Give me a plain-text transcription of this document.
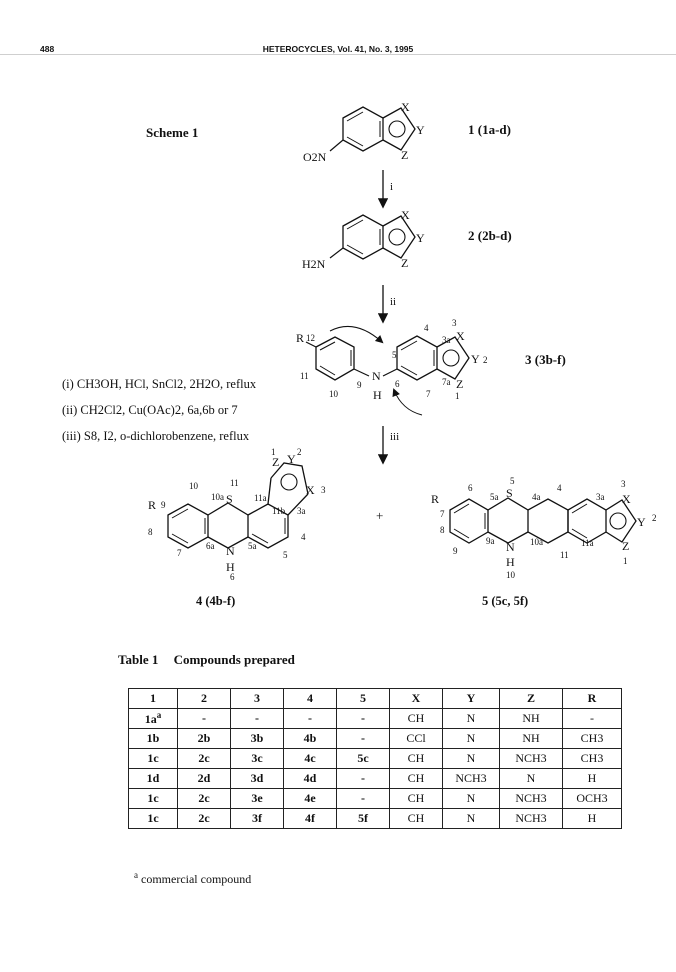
488	HETEROCYCLES, Vol. 41, No. 3, 1995
Scheme 1
X
Y
Z
O2N
1 (1a-d)
i
X
Y
Z
H2N
2 (2b-d)
ii
X
Y
Z
R
N
H
12
11
10
9	6
5
4
3a
3
2
7a
1
7
3 (3b-f)
(i) CH3OH, HCl, SnCl2, 2H2O, reflux
(ii) CH2Cl2, Cu(OAc)2, 6a,6b or 7
(iii) S8, I2, o-dichlorobenzene, reflux	iii
Z Y
X
S
N
H
R
1 2
3
10	11
9
10a	11a
11b 3a
4
5
5a
6a
8
7
6
4 (4b-f)
+
S
N
H
R	X
Y
Z
6
5
4	3
2
1
5a	4a	3a
7
8
9
9a	10a	11a
11
10
5 (5c, 5f)
Table 1 Compounds prepared
1	2	3	4	5	X	Y	Z	R
$1a^a$	-	-	-	-	CH	N	NH	-
1b	2b	3b	4b	-	CCl	N	NH	CH3
1c	2c	3c	4c	5c	CH	N	NCH3	CH3
1d	2d	3d	4d	-	CH	NCH3	N	H
1c	2c	3e	4e	-	CH	N	NCH3	OCH3
1c	2c	3f	4f	5f	CH	N	NCH3	H
$^a$ commercial compound
